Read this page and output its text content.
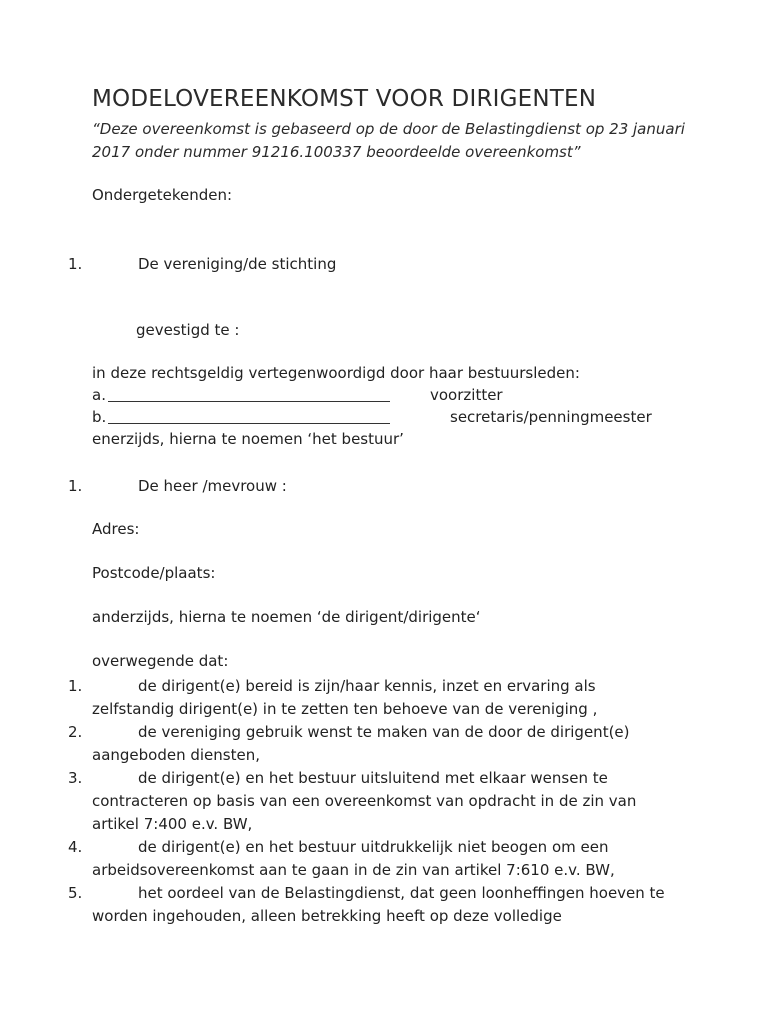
MODELOVEREENKOMST VOOR DIRIGENTEN
“Deze overeenkomst is gebaseerd op de door de Belastingdienst op 23 januari 2017 onder nummer 91216.100337 beoordeelde overeenkomst”
Ondergetekenden:
1.	De vereniging/de stichting
gevestigd te :
in deze rechtsgeldig vertegenwoordigd door haar bestuursleden:
a.	voorzitter
b.	secretaris/penningmeester
enerzijds, hierna te noemen ‘het bestuur’
1.	De heer /mevrouw :
Adres:
Postcode/plaats:
anderzijds, hierna te noemen ‘de dirigent/dirigente‘
overwegende dat:
1.	de dirigent(e) bereid is zijn/haar kennis, inzet en ervaring als zelfstandig dirigent(e) in te zetten ten behoeve van de vereniging ,
2.	de vereniging gebruik wenst te maken van de door de dirigent(e) aangeboden diensten,
3.	de dirigent(e) en het bestuur uitsluitend met elkaar wensen te contracteren op basis van een overeenkomst van opdracht in de zin van artikel 7:400 e.v. BW,
4.	de dirigent(e) en het bestuur uitdrukkelijk niet beogen om een arbeidsovereenkomst aan te gaan in de zin van artikel 7:610 e.v. BW,
5.	het oordeel van de Belastingdienst, dat geen loonheffingen hoeven te worden ingehouden, alleen betrekking heeft op deze volledige
